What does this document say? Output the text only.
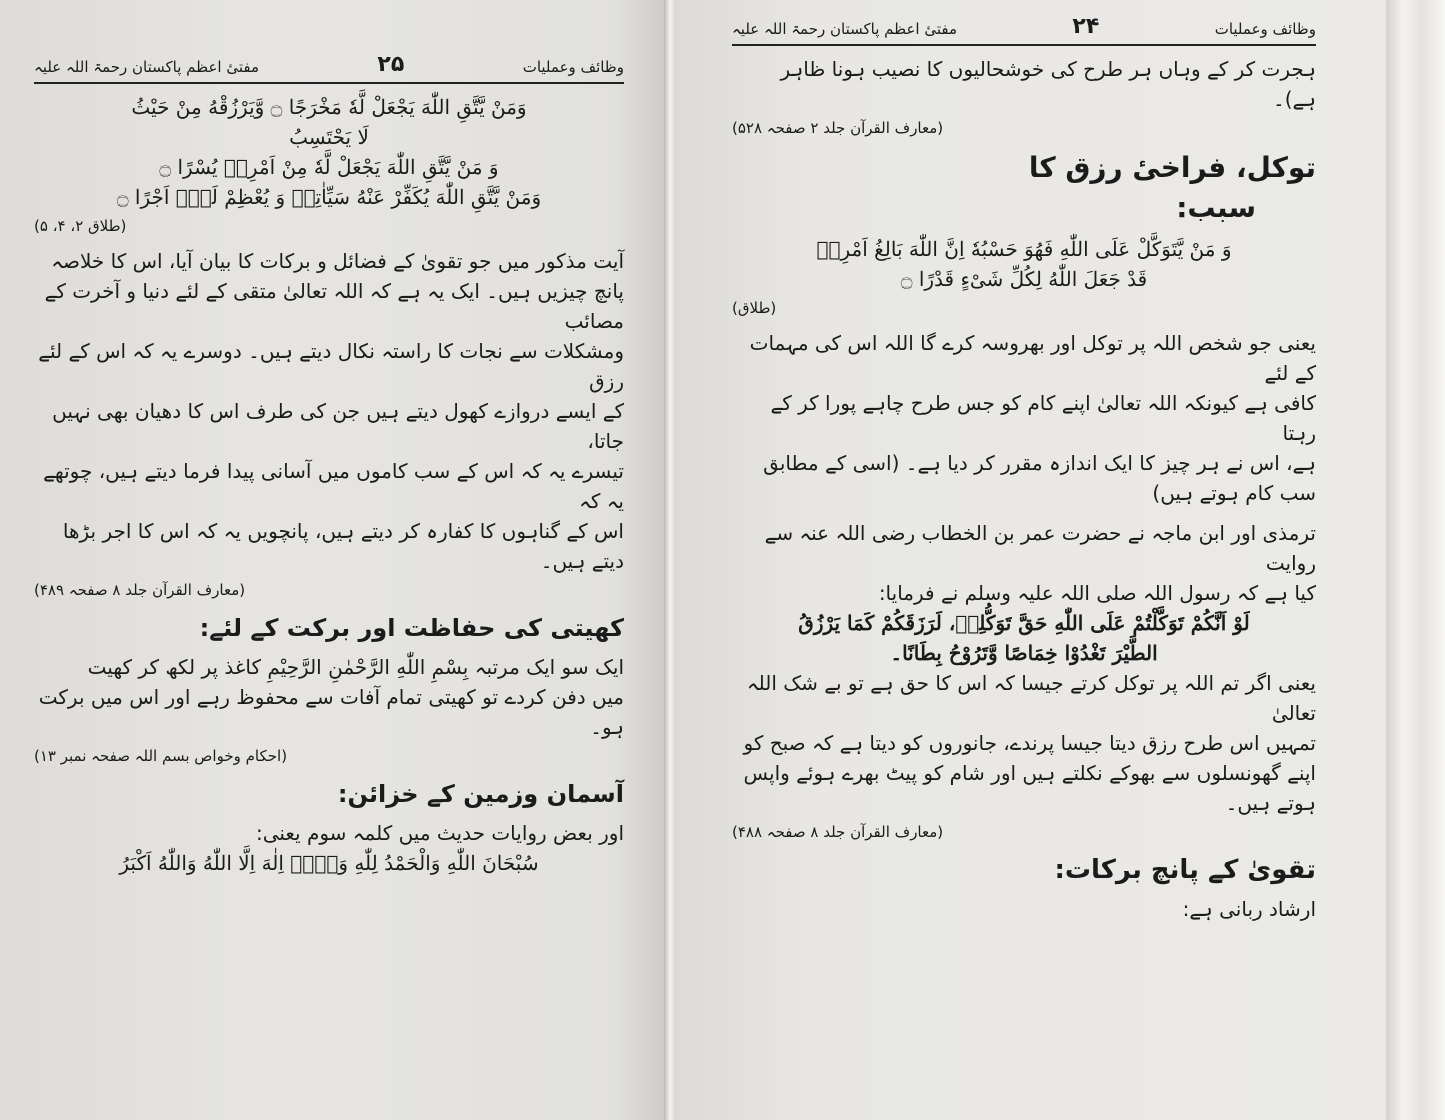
وظائف وعملیات
۲۵
مفتیٔ اعظم پاکستان رحمۃ اللہ علیہ
وَمَنْ یَّتَّقِ اللّٰهَ یَجْعَلْ لَّهٗ مَخْرَجًا ۝ وَّیَرْزُقْهُ مِنْ حَیْثُ
لَا یَحْتَسِبُ
وَ مَنْ یَّتَّقِ اللّٰهَ یَجْعَلْ لَّهٗ مِنْ اَمْرِهٖ یُسْرًا ۝
وَمَنْ یَّتَّقِ اللّٰهَ یُكَفِّرْ عَنْهُ سَیِّاٰتِهٖ وَ یُعْظِمْ لَهٗۤ اَجْرًا ۝
(طلاق ۲، ۴، ۵)
آیت مذکور میں جو تقویٰ کے فضائل و برکات کا بیان آیا، اس کا خلاصہ
پانچ چیزیں ہیں۔ ایک یہ ہے کہ اللہ تعالیٰ متقی کے لئے دنیا و آخرت کے مصائب
ومشکلات سے نجات کا راستہ نکال دیتے ہیں۔ دوسرے یہ کہ اس کے لئے رزق
کے ایسے دروازے کھول دیتے ہیں جن کی طرف اس کا دھیان بھی نہیں جاتا،
تیسرے یہ کہ اس کے سب کاموں میں آسانی پیدا فرما دیتے ہیں، چوتھے یہ کہ
اس کے گناہوں کا کفارہ کر دیتے ہیں، پانچویں یہ کہ اس کا اجر بڑھا دیتے ہیں۔
(معارف القرآن جلد ۸ صفحہ ۴۸۹)
کھیتی کی حفاظت اور برکت کے لئے:
ایک سو ایک مرتبہ بِسْمِ اللّٰهِ الرَّحْمٰنِ الرَّحِیْمِ کاغذ پر لکھ کر کھیت
میں دفن کردے تو کھیتی تمام آفات سے محفوظ رہے اور اس میں برکت ہو۔
(احکام وخواص بسم اللہ صفحہ نمبر ۱۳)
آسمان وزمین کے خزائن:
اور بعض روایات حدیث میں کلمہ سوم یعنی:
سُبْحَانَ اللّٰهِ وَالْحَمْدُ لِلّٰهِ وَلَاۤ اِلٰهَ اِلَّا اللّٰهُ وَاللّٰهُ اَكْبَرُ
وظائف وعملیات
۲۴
مفتیٔ اعظم پاکستان رحمۃ اللہ علیہ
ہجرت کر کے وہاں ہر طرح کی خوشحالیوں کا نصیب ہونا ظاہر
ہے)۔
(معارف القرآن جلد ۲ صفحہ ۵۲۸)
توکل، فراخیٔ رزق کا
سبب:
وَ مَنْ یَّتَوَكَّلْ عَلَى اللّٰهِ فَهُوَ حَسْبُهٗ اِنَّ اللّٰهَ بَالِغُ اَمْرِهٖ
قَدْ جَعَلَ اللّٰهُ لِكُلِّ شَیْءٍ قَدْرًا ۝
(طلاق)
یعنی جو شخص اللہ پر توکل اور بھروسہ کرے گا اللہ اس کی مہمات کے لئے
کافی ہے کیونکہ اللہ تعالیٰ اپنے کام کو جس طرح چاہے پورا کر کے رہتا
ہے، اس نے ہر چیز کا ایک اندازہ مقرر کر دیا ہے۔ (اسی کے مطابق
سب کام ہوتے ہیں)
ترمذی اور ابن ماجہ نے حضرت عمر بن الخطاب رضی اللہ عنہ سے روایت
کیا ہے کہ رسول اللہ صلی اللہ علیہ وسلم نے فرمایا:
لَوْ اَنَّكُمْ تَوَكَّلْتُمْ عَلَى اللّٰهِ حَقَّ تَوَكُّلِهٖ، لَرَزَقَكُمْ كَمَا یَرْزُقُ
الطَّیْرَ تَغْدُوْا خِمَاصًا وَّتَرُوْحُ بِطَانًا۔
یعنی اگر تم اللہ پر توکل کرتے جیسا کہ اس کا حق ہے تو بے شک اللہ تعالیٰ
تمہیں اس طرح رزق دیتا جیسا پرندے، جانوروں کو دیتا ہے کہ صبح کو
اپنے گھونسلوں سے بھوکے نکلتے ہیں اور شام کو پیٹ بھرے ہوئے واپس
ہوتے ہیں۔
(معارف القرآن جلد ۸ صفحہ ۴۸۸)
تقویٰ کے پانچ برکات:
ارشاد ربانی ہے:
